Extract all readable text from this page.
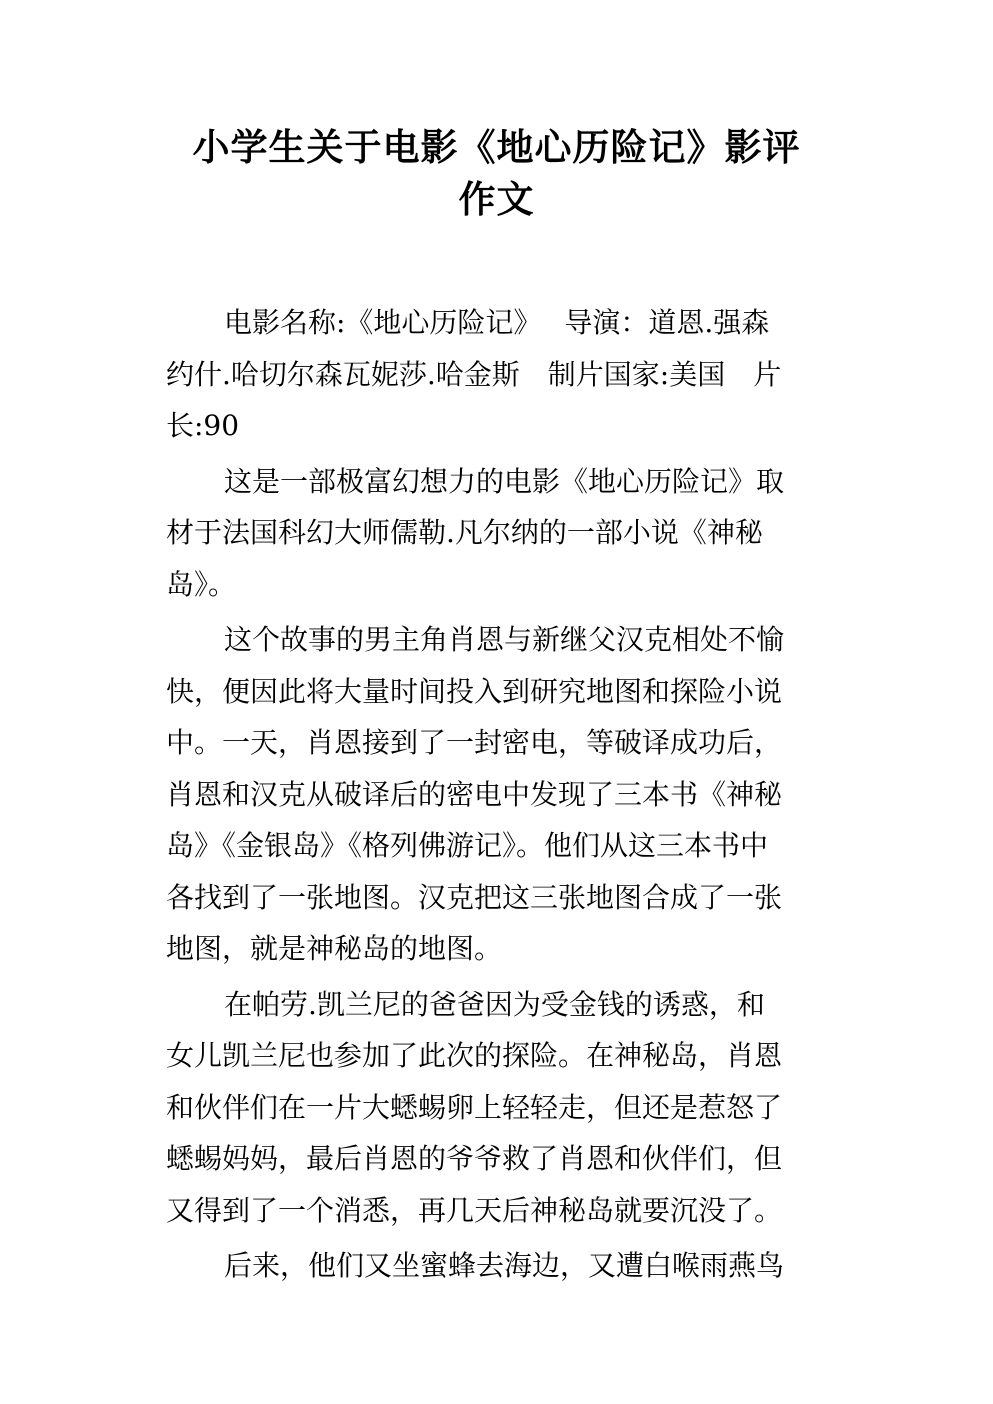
小学生关于电影《地心历险记》影评
作文

电影名称:《地心历险记》　 导演：道恩.强森
约什.哈切尔森瓦妮莎.哈金斯　制片国家:美国　片
长:90

这是一部极富幻想力的电影《地心历险记》取
材于法国科幻大师儒勒.凡尔纳的一部小说《神秘
岛》。

这个故事的男主角肖恩与新继父汉克相处不愉
快，便因此将大量时间投入到研究地图和探险小说
中。一天，肖恩接到了一封密电，等破译成功后，
肖恩和汉克从破译后的密电中发现了三本书《神秘
岛》《金银岛》《格列佛游记》。他们从这三本书中
各找到了一张地图。汉克把这三张地图合成了一张
地图，就是神秘岛的地图。

在帕劳.凯兰尼的爸爸因为受金钱的诱惑，和
女儿凯兰尼也参加了此次的探险。在神秘岛，肖恩
和伙伴们在一片大蟋蜴卵上轻轻走，但还是惹怒了
蟋蜴妈妈，最后肖恩的爷爷救了肖恩和伙伴们，但
又得到了一个消悉，再几天后神秘岛就要沉没了。

后来，他们又坐蜜蜂去海边，又遭白喉雨燕鸟
